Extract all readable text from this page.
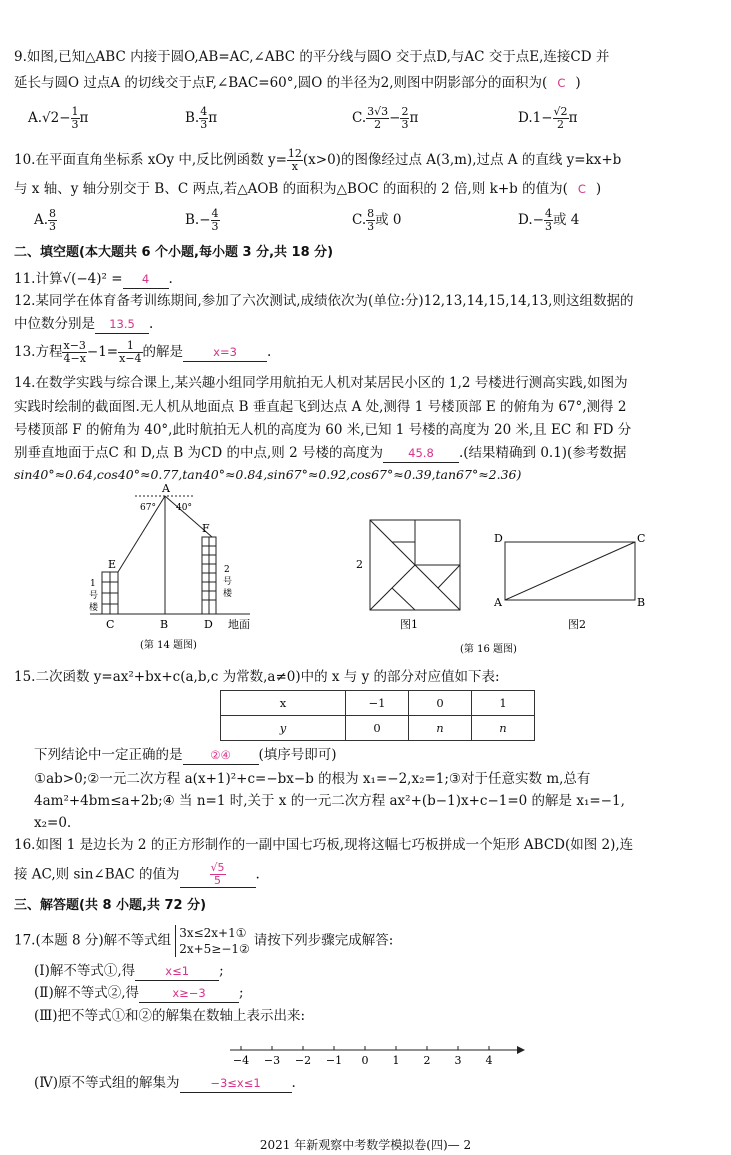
9.如图,已知△ABC 内接于圆O,AB=AC,∠ABC 的平分线与圆O 交于点D,与AC 交于点E,连接CD 并
延长与圆O 过点A 的切线交于点F,∠BAC=60°,圆O 的半径为2,则图中阴影部分的面积为( C )
$A.√2- \frac{1}{3}$ π	B. $\frac{4}{3}$ π	C. $\frac{3√3}{2} - \frac{2}{3}$ π	$D.1- \frac{√2}{2}$ π
10.在平面直角坐标系 xOy 中,反比例函数 $y= \frac{12}{x} (x>0)$的图像经过点 A(3,m),过点 A 的直线 y=kx+b
与 x 轴、y 轴分别交于 B、C 两点,若△AOB 的面积为△BOC 的面积的 2 倍,则 k+b 的值为( C )
A. $\frac{8}{3}$	$B.- \frac{4}{3}$	C. $\frac{8}{3}$ 或 0	$D.- \frac{4}{3}$ 或 4
二、填空题(本大题共 6 个小题,每小题 3 分,共 18 分)
11.计算√(−4)² = 4 .
12.某同学在体育备考训练期间,参加了六次测试,成绩依次为(单位:分)12,13,14,15,14,13,则这组数据的
中位数分别是 13.5 .
13.方程 $\frac{x-3}{4-x} -1= \frac{1}{x-4}$ 的解是	x=3 .
14.在数学实践与综合课上,某兴趣小组同学用航拍无人机对某居民小区的 1,2 号楼进行测高实践,如图为
实践时绘制的截面图.无人机从地面点 B 垂直起飞到达点 A 处,测得 1 号楼顶部 E 的俯角为 67°,测得 2
号楼顶部 F 的俯角为 40°,此时航拍无人机的高度为 60 米,已知 1 号楼的高度为 20 米,且 EC 和 FD 分
别垂直地面于点C 和 D,点 B 为CD 的中点,则 2 号楼的高度为 45.8 .(结果精确到 0.1)(参考数据
sin40°≈0.64,cos40°≈0.77,tan40°≈0.84,sin67°≈0.92,cos67°≈0.39,tan67°≈2.36)
A
E
F
C	B	D 地面
67° 40°
1
号
楼
2
号
楼
(第 14 题图)
2
图1
D	C
A	B
图2
(第 16 题图)
15.二次函数 y=ax²+bx+c(a,b,c 为常数,a≠0)中的 x 与 y 的部分对应值如下表:
x	−1	0	1
y	0	n	n
下列结论中一定正确的是 ②④ (填序号即可)
①ab>0;②一元二次方程 a(x+1)²+c=−bx−b 的根为 x₁=−2,x₂=1;③对于任意实数 m,总有
4am²+4bm≤a+2b;④ 当 n=1 时,关于 x 的一元二次方程 ax²+(b−1)x+c−1=0 的解是 x₁=−1,
x₂=0.
16.如图 1 是边长为 2 的正方形制作的一副中国七巧板,现将这幅七巧板拼成一个矩形 ABCD(如图 2),连
接 AC,则 sin∠BAC 的值为	$\frac{√5}{5}$ .
三、解答题(共 8 小题,共 72 分)
17.(本题 8 分)解不等式组 3x≤2x+1①
2x+5≥−1②
请按下列步骤完成解答:
(Ⅰ)解不等式①,得	x≤1 ;
(Ⅱ)解不等式②,得	x≥−3 ;
(Ⅲ)把不等式①和②的解集在数轴上表示出来:
−4 −3 −2 −1 0 1 2 3 4
(Ⅳ)原不等式组的解集为	−3≤x≤1 .
2021 年新观察中考数学模拟卷(四)— 2
